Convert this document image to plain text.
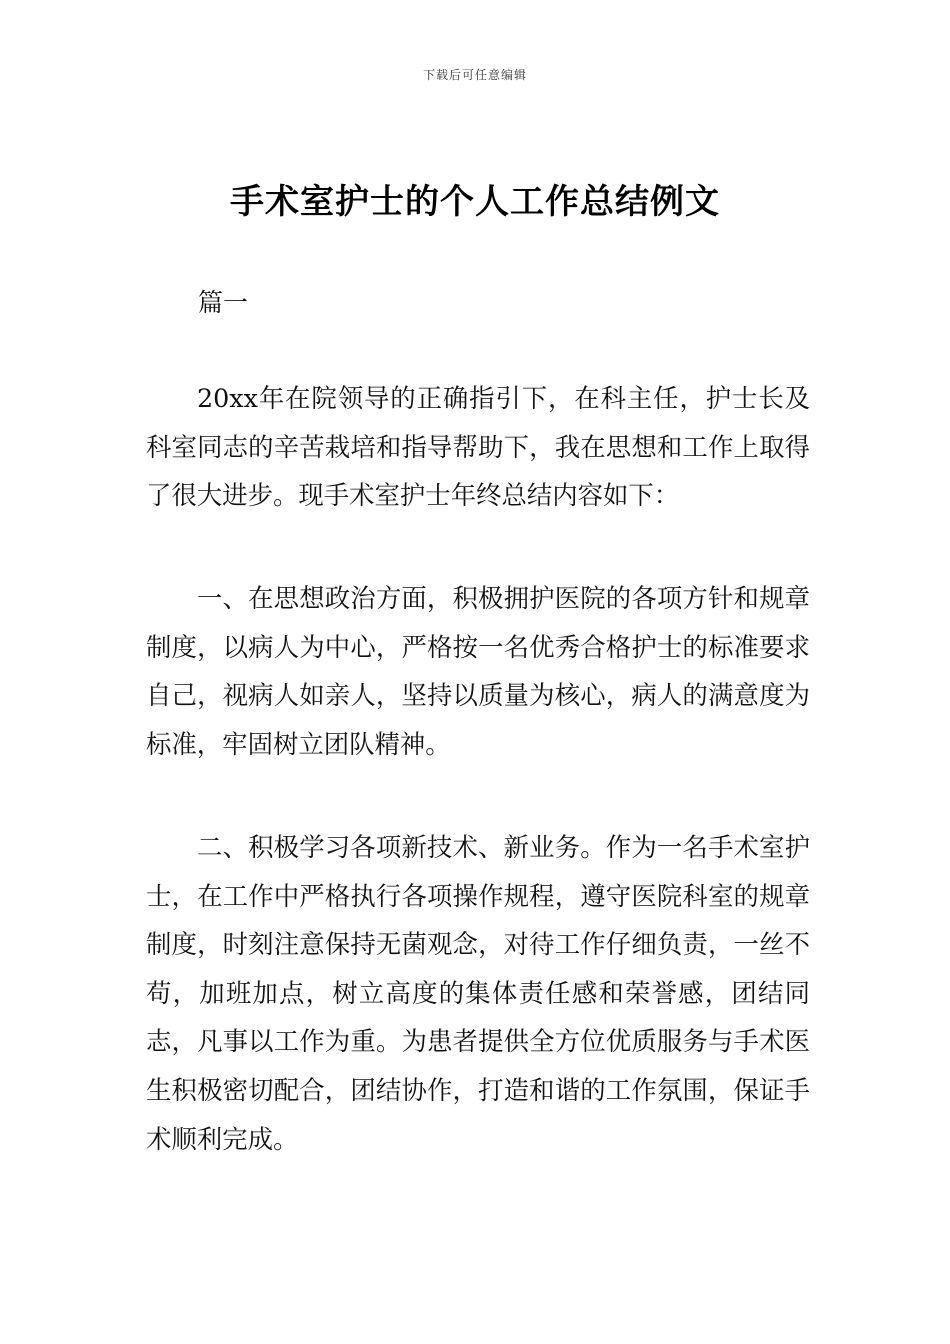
下载后可任意编辑
手术室护士的个人工作总结例文
篇一

20xx年在院领导的正确指引下，在科主任，护士长及科室同志的辛苦栽培和指导帮助下，我在思想和工作上取得了很大进步。现手术室护士年终总结内容如下：

一、在思想政治方面，积极拥护医院的各项方针和规章制度，以病人为中心，严格按一名优秀合格护士的标准要求自己，视病人如亲人，坚持以质量为核心，病人的满意度为标准，牢固树立团队精神。

二、积极学习各项新技术、新业务。作为一名手术室护士，在工作中严格执行各项操作规程，遵守医院科室的规章制度，时刻注意保持无菌观念，对待工作仔细负责，一丝不苟，加班加点，树立高度的集体责任感和荣誉感，团结同志，凡事以工作为重。为患者提供全方位优质服务与手术医生积极密切配合，团结协作，打造和谐的工作氛围，保证手术顺利完成。
